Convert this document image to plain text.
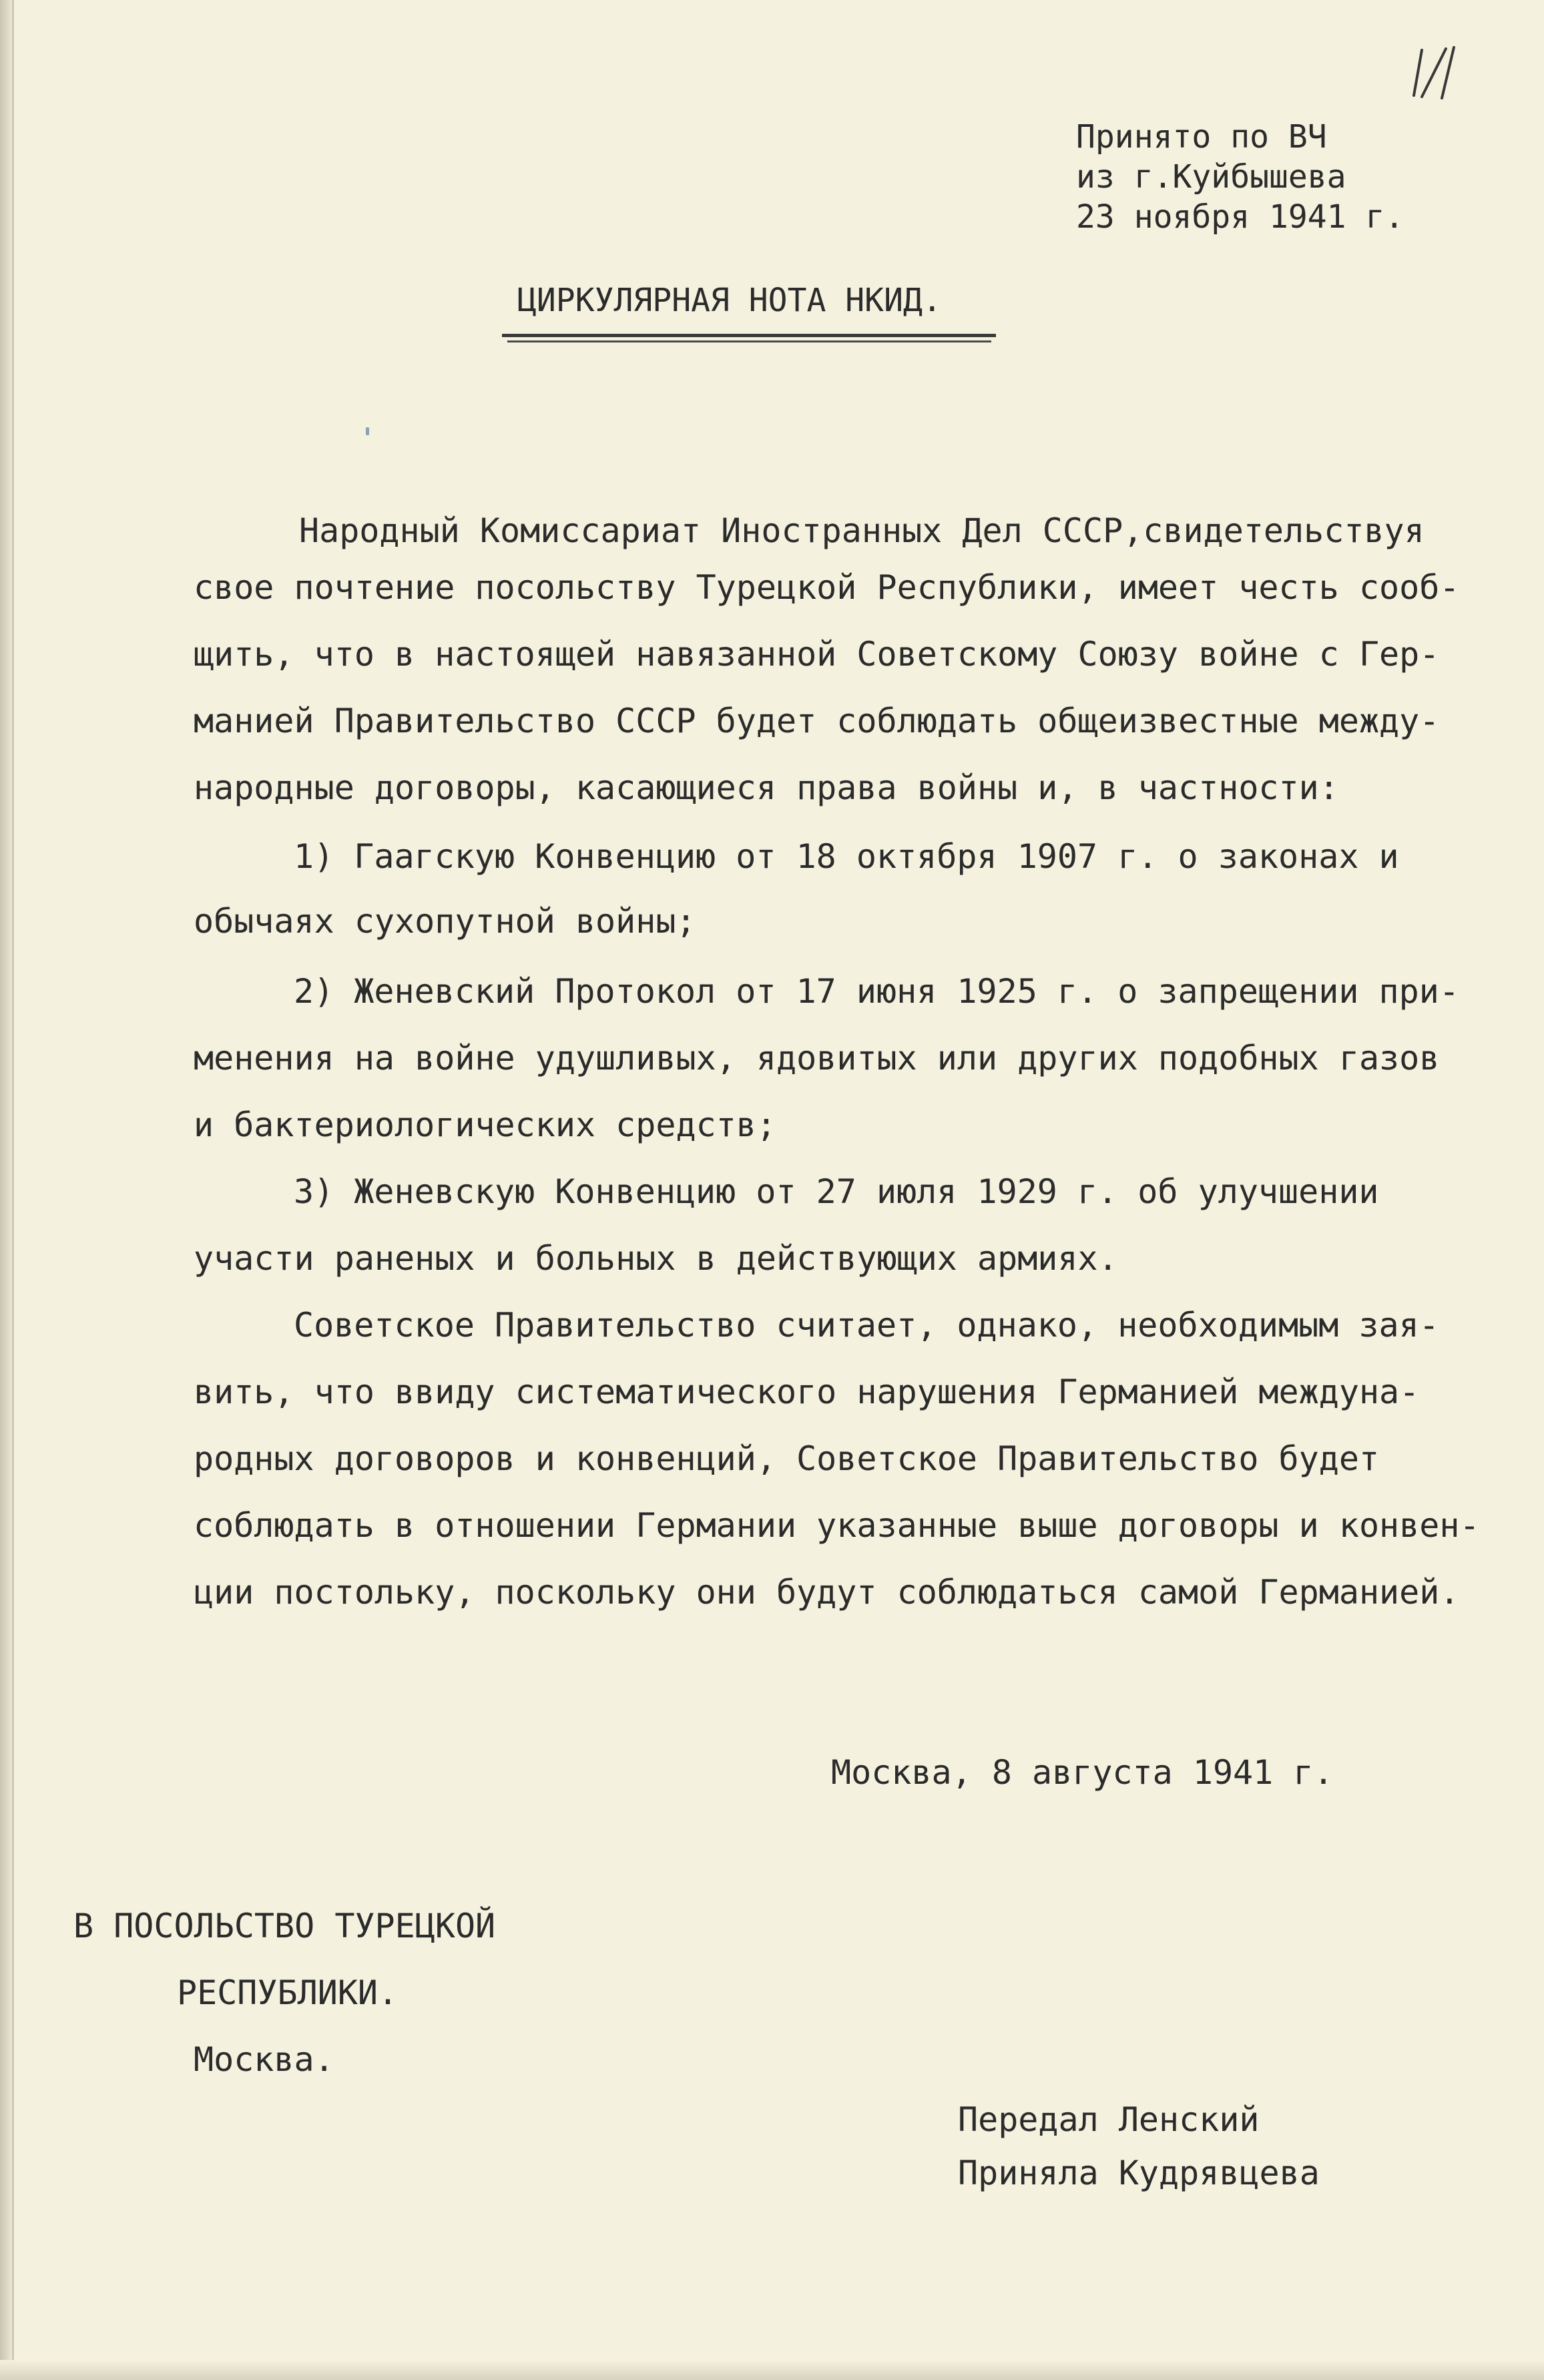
Принято по ВЧ
из г.Куйбышева
23 ноября 1941 г.
ЦИРКУЛЯРНАЯ НОТА НКИД.
Народный Комиссариат Иностранных Дел СССР,свидетельствуя
свое почтение посольству Турецкой Республики, имеет честь сооб-
щить, что в настоящей навязанной Советскому Союзу войне с Гер-
манией Правительство СССР будет соблюдать общеизвестные между-
народные договоры, касающиеся права войны и, в частности:
1) Гаагскую Конвенцию от 18 октября 1907 г. о законах и
обычаях сухопутной войны;
2) Женевский Протокол от 17 июня 1925 г. о запрещении при-
менения на войне удушливых, ядовитых или других подобных газов
и бактериологических средств;
3) Женевскую Конвенцию от 27 июля 1929 г. об улучшении
участи раненых и больных в действующих армиях.
Советское Правительство считает, однако, необходимым зая-
вить, что ввиду систематического нарушения Германией междуна-
родных договоров и конвенций, Советское Правительство будет
соблюдать в отношении Германии указанные выше договоры и конвен-
ции постольку, поскольку они будут соблюдаться самой Германией.
Москва, 8 августа 1941 г.
В ПОСОЛЬСТВО ТУРЕЦКОЙ
РЕСПУБЛИКИ.
Москва.
Передал Ленский
Приняла Кудрявцева
